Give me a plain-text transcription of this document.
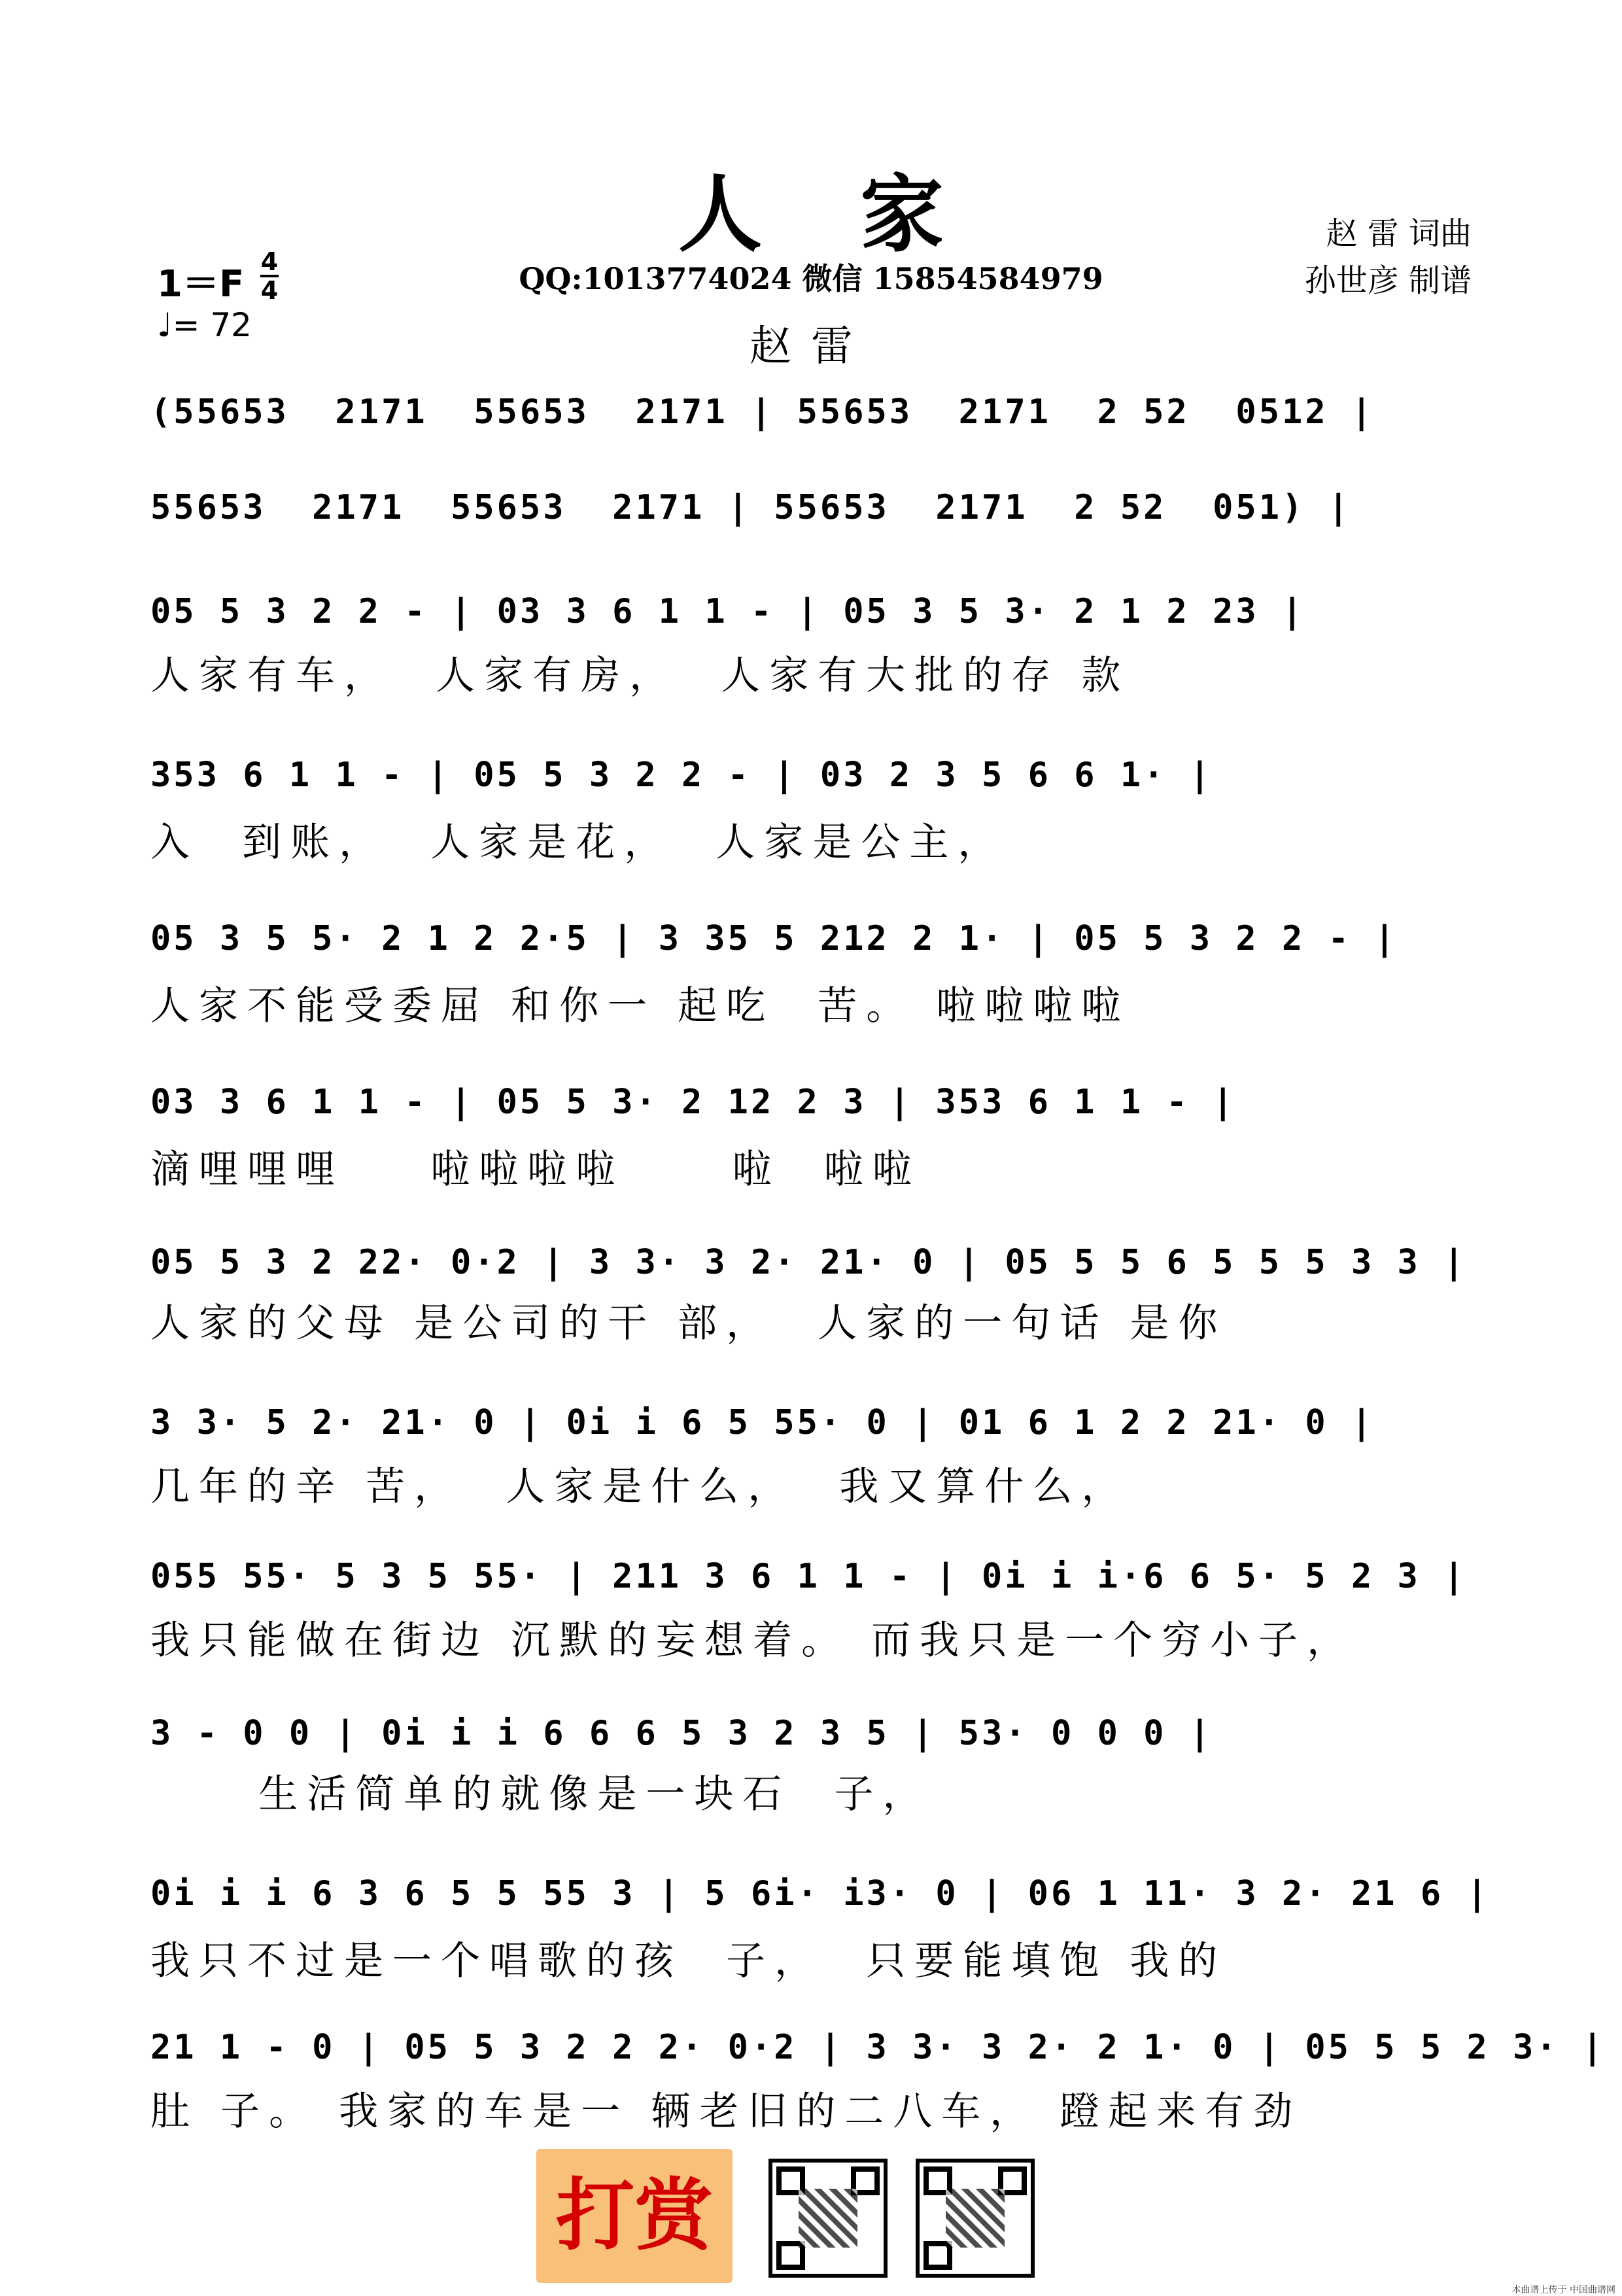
人家
QQ:1013774024 微信 15854584979
赵雷
赵 雷 词曲
孙世彦 制谱
1＝F
4
4
♩= 72
(55653  2171  55653  2171 | 55653  2171  2 52  0512 |
55653  2171  55653  2171 | 55653  2171  2 52  051) |
05 5 3 2 2 - | 03 3 6 1 1 - | 05 3 5 3· 2 1 2 23 |
人家有车，  人家有房，  人家有大批的存 款
353 6 1 1 - | 05 5 3 2 2 - | 03 2 3 5 6 6 1· |
入  到账，  人家是花，  人家是公主，
05 3 5 5· 2 1 2 2·5 | 3 35 5 212 2 1· | 05 5 3 2 2 - |
人家不能受委屈 和你一 起吃  苦。 啦啦啦啦
03 3 6 1 1 - | 05 5 3· 2 12 2 3 | 353 6 1 1 - |
滴哩哩哩    啦啦啦啦     啦  啦啦
05 5 3 2 22· 0·2 | 3 3· 3 2· 21· 0 | 05 5 5 6 5 5 5 3 3 |
人家的父母 是公司的干 部，  人家的一句话 是你
3 3· 5 2· 21· 0 | 0i i 6 5 55· 0 | 01 6 1 2 2 21· 0 |
几年的辛 苦，  人家是什么，  我又算什么，
055 55· 5 3 5 55· | 211 3 6 1 1 - | 0i i i·6 6 5· 5 2 3 |
我只能做在街边 沉默的妄想着。 而我只是一个穷小子，
3 - 0 0 | 0i i i 6 6 6 5 3 2 3 5 | 53· 0 0 0 |
生活简单的就像是一块石  子，
0i i i 6 3 6 5 5 55 3 | 5 6i· i3· 0 | 06 1 11· 3 2· 21 6 |
我只不过是一个唱歌的孩  子，  只要能填饱 我的
21 1 - 0 | 05 5 3 2 2 2· 0·2 | 3 3· 3 2· 2 1· 0 | 05 5 5 2 3· |
肚 子。 我家的车是一 辆老旧的二八车， 蹬起来有劲
打赏
本曲谱上传于 中国曲谱网
